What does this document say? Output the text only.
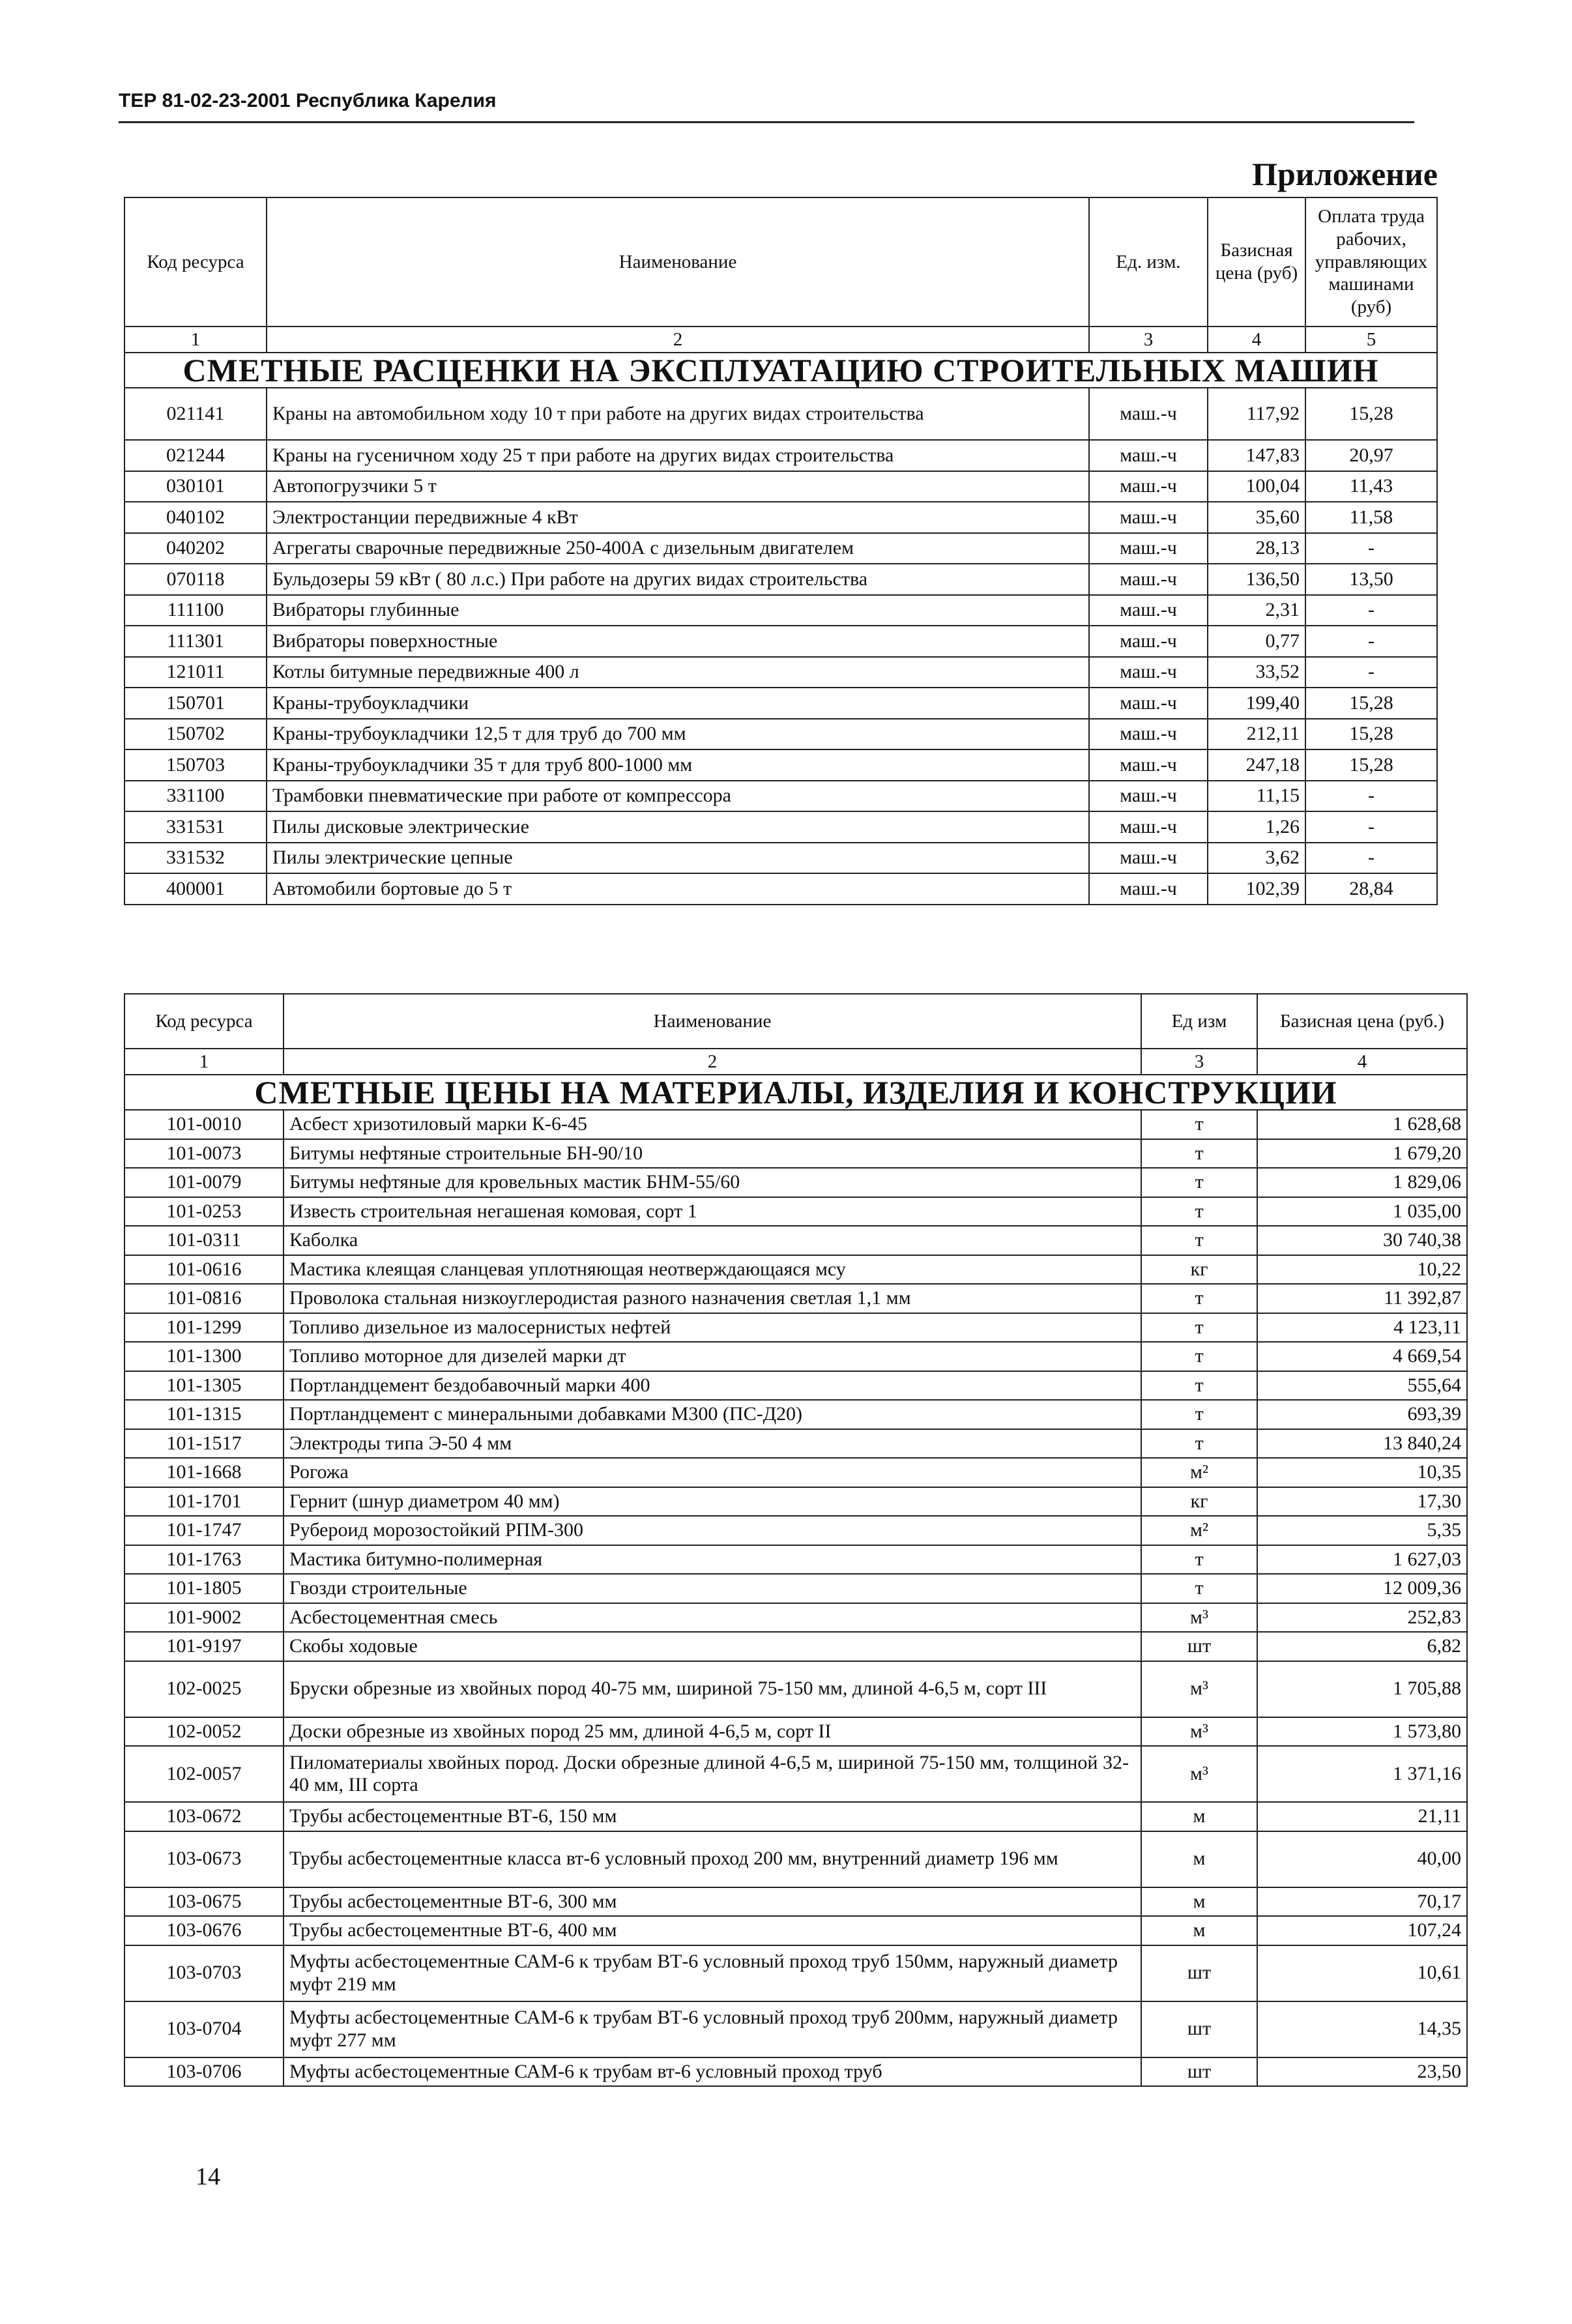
ТЕР 81-02-23-2001 Республика Карелия
Приложение
Код ресурса	Наименование	Ед. изм.	Базисная цена (руб)	Оплата труда рабочих, управляющих машинами (руб)
1	2	3	4	5
СМЕТНЫЕ РАСЦЕНКИ НА ЭКСПЛУАТАЦИЮ СТРОИТЕЛЬНЫХ МАШИН				
021141	Краны на автомобильном ходу 10 т при работе на других видах строительства	маш.-ч	117,92	15,28
021244	Краны на гусеничном ходу 25 т при работе на других видах строительства	маш.-ч	147,83	20,97
030101	Автопогрузчики 5 т	маш.-ч	100,04	11,43
040102	Электростанции передвижные 4 кВт	маш.-ч	35,60	11,58
040202	Агрегаты сварочные передвижные 250-400А с дизельным двигателем	маш.-ч	28,13	-
070118	Бульдозеры 59 кВт ( 80 л.с.) При работе на других видах строительства	маш.-ч	136,50	13,50
111100	Вибраторы глубинные	маш.-ч	2,31	-
111301	Вибраторы поверхностные	маш.-ч	0,77	-
121011	Котлы битумные передвижные 400 л	маш.-ч	33,52	-
150701	Краны-трубоукладчики	маш.-ч	199,40	15,28
150702	Краны-трубоукладчики 12,5 т для труб до 700 мм	маш.-ч	212,11	15,28
150703	Краны-трубоукладчики 35 т для труб 800-1000 мм	маш.-ч	247,18	15,28
331100	Трамбовки пневматические при работе от компрессора	маш.-ч	11,15	-
331531	Пилы дисковые электрические	маш.-ч	1,26	-
331532	Пилы электрические цепные	маш.-ч	3,62	-
400001	Автомобили бортовые до 5 т	маш.-ч	102,39	28,84
Код ресурса	Наименование	Ед изм	Базисная цена (руб.)
1	2	3	4
СМЕТНЫЕ ЦЕНЫ НА МАТЕРИАЛЫ, ИЗДЕЛИЯ И КОНСТРУКЦИИ			
101-0010	Асбест хризотиловый марки К-6-45	т	1 628,68
101-0073	Битумы нефтяные строительные БН-90/10	т	1 679,20
101-0079	Битумы нефтяные для кровельных мастик БНМ-55/60	т	1 829,06
101-0253	Известь строительная негашеная комовая, сорт 1	т	1 035,00
101-0311	Каболка	т	30 740,38
101-0616	Мастика клеящая сланцевая уплотняющая неотверждающаяся мсу	кг	10,22
101-0816	Проволока стальная низкоуглеродистая разного назначения светлая 1,1 мм	т	11 392,87
101-1299	Топливо дизельное из малосернистых нефтей	т	4 123,11
101-1300	Топливо моторное для дизелей марки дт	т	4 669,54
101-1305	Портландцемент бездобавочный марки 400	т	555,64
101-1315	Портландцемент с минеральными добавками М300 (ПС-Д20)	т	693,39
101-1517	Электроды типа Э-50 4 мм	т	13 840,24
101-1668	Рогожа	м²	10,35
101-1701	Гернит (шнур диаметром 40 мм)	кг	17,30
101-1747	Рубероид морозостойкий РПМ-300	м²	5,35
101-1763	Мастика битумно-полимерная	т	1 627,03
101-1805	Гвозди строительные	т	12 009,36
101-9002	Асбестоцементная смесь	м³	252,83
101-9197	Скобы ходовые	шт	6,82
102-0025	Бруски обрезные из хвойных пород 40-75 мм, шириной 75-150 мм, длиной 4-6,5 м, сорт III	м³	1 705,88
102-0052	Доски обрезные из хвойных пород 25 мм, длиной 4-6,5 м, сорт II	м³	1 573,80
102-0057	Пиломатериалы хвойных пород. Доски обрезные длиной 4-6,5 м, шириной 75-150 мм, толщиной 32-40 мм, III сорта	м³	1 371,16
103-0672	Трубы асбестоцементные ВТ-6, 150 мм	м	21,11
103-0673	Трубы асбестоцементные класса вт-6 условный проход 200 мм, внутренний диаметр 196 мм	м	40,00
103-0675	Трубы асбестоцементные ВТ-6, 300 мм	м	70,17
103-0676	Трубы асбестоцементные ВТ-6, 400 мм	м	107,24
103-0703	Муфты асбестоцементные САМ-6 к трубам ВТ-6 условный проход труб 150мм, наружный диаметр муфт 219 мм	шт	10,61
103-0704	Муфты асбестоцементные САМ-6 к трубам ВТ-6 условный проход труб 200мм, наружный диаметр муфт 277 мм	шт	14,35
103-0706	Муфты асбестоцементные САМ-6 к трубам вт-6 условный проход труб	шт	23,50
14
